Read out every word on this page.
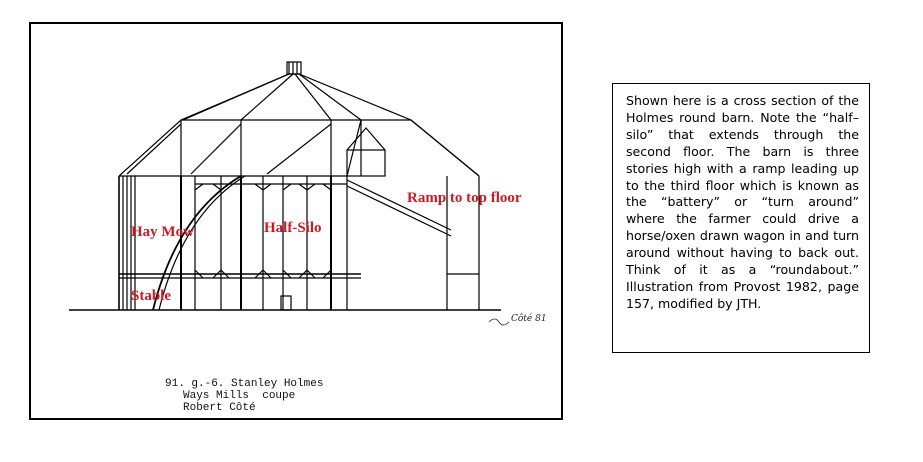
Hay Mow	Half-Silo
Ramp to top floor
Stable
Côté 81
91. g.-6. Stanley Holmes
Ways Mills  coupe
Robert Côté
Shown here is a cross section of the Holmes round barn. Note the “half–silo” that extends through the second floor. The barn is three stories high with a ramp leading up to the third floor which is known as the “battery” or “turn around” where the farmer could drive a horse/oxen drawn wagon in and turn around without having to back out. Think of it as a “roundabout.” Illustration from Provost 1982, page 157, modified by JTH.
